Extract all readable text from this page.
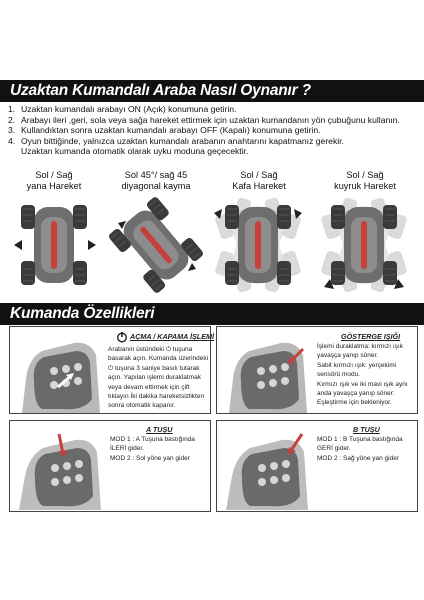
Uzaktan Kumandalı Araba Nasıl Oynanır ?
1. Uzaktan kumandalı arabayı ON (Açık) konumuna getirin.
2. Arabayı ileri ,geri, sola veya sağa hareket ettirmek için uzaktan kumandanın yön çubuğunu kullanın.
3. Kullandıktan sonra uzaktan kumandalı arabayı OFF (Kapalı) konumuna getirin.
4. Oyun bittiğinde, yalnızca uzaktan kumandalı arabanın anahtarını kapatmanız gerekir.
Uzaktan kumanda otomatik olarak uyku moduna geçecektir.
Sol / Sağ
yana Hareket
Sol 45°/ sağ 45
diyagonal kayma
Sol / Sağ
Kafa Hareket
Sol / Sağ
kuyruk Hareket
Kumanda Özellikleri
AÇMA / KAPAMA İŞLEMİ
Arabanın üstündeki ⏻ tuşuna
basarak açın. Kumanda üzerindeki
⏻ tuşuna 3 saniye basılı tutarak
açın. Yapılan işlemi duraklatmak
veya devam ettirmek için çift
tıklayın İki dakika hareketsizlikten
sonra otomatik kapanır.
GÖSTERGE IŞIĞI
İşlemi duraklatma: kırmızı ışık
yavaşça yanıp söner.
Sabit kırmızı ışık: yerçekimi
sensörü modu.
Kırmızı ışık ve iki mavi ışık aynı
anda yavaşça yanıp söner:
Eşleştirme için bekleniyor.
A TUŞU
MOD 1 : A Tuşuna bastığında
İLERİ gider.
MOD 2 : Sol yöne yan gider
B TUŞU
MOD 1 : B Tuşuna bastığında
GERİ gider.
MOD 2 : Sağ yöne yan gider
